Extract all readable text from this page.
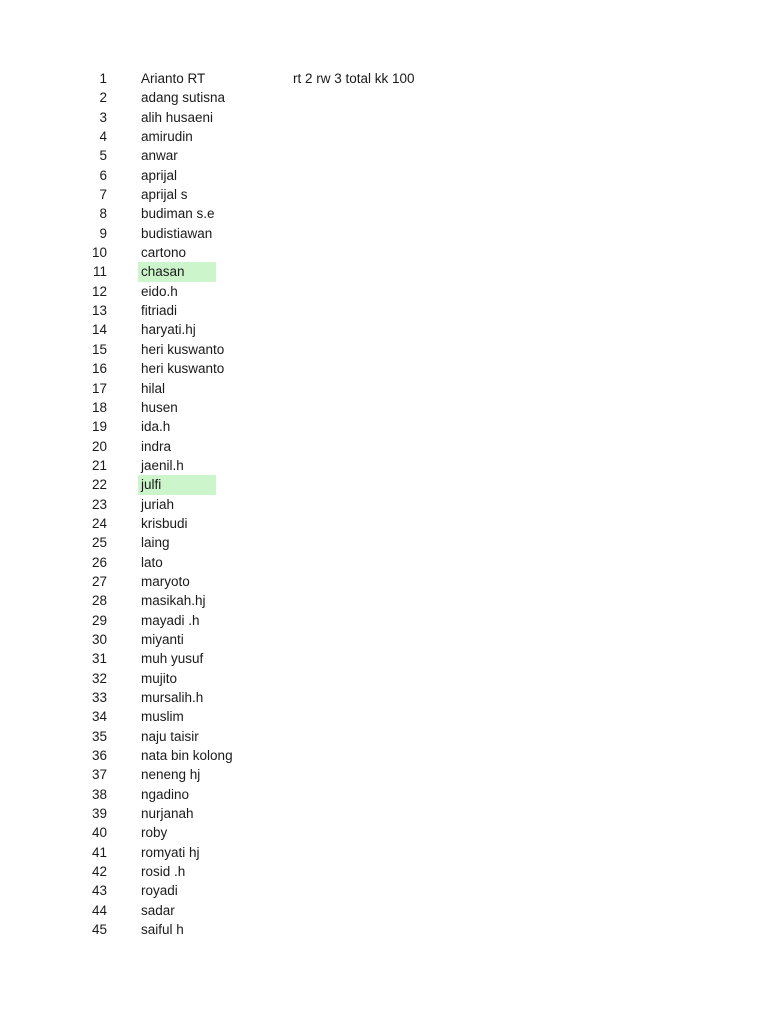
1	Arianto RT	rt 2 rw 3 total kk 100
2	adang sutisna
3	alih husaeni
4	amirudin
5	anwar
6	aprijal
7	aprijal s
8	budiman s.e
9	budistiawan
10	cartono
11	chasan
12	eido.h
13	fitriadi
14	haryati.hj
15	heri kuswanto
16	heri kuswanto
17	hilal
18	husen
19	ida.h
20	indra
21	jaenil.h
22	julfi
23	juriah
24	krisbudi
25	laing
26	lato
27	maryoto
28	masikah.hj
29	mayadi .h
30	miyanti
31	muh yusuf
32	mujito
33	mursalih.h
34	muslim
35	naju taisir
36	nata bin kolong
37	neneng hj
38	ngadino
39	nurjanah
40	roby
41	romyati hj
42	rosid .h
43	royadi
44	sadar
45	saiful h
